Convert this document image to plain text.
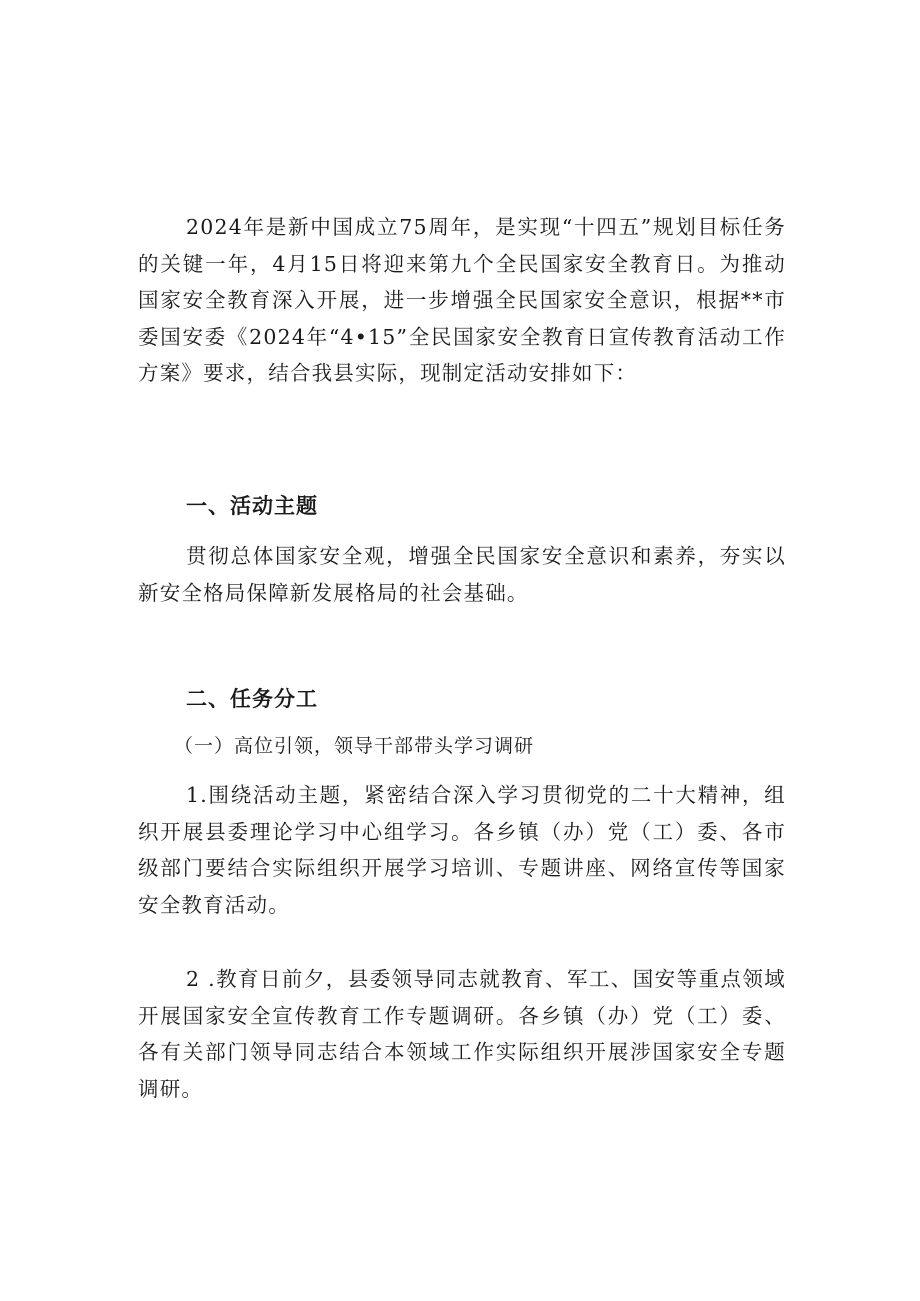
2024年是新中国成立75周年，是实现“十四五”规划目标任务的关键一年，4月15日将迎来第九个全民国家安全教育日。为推动国家安全教育深入开展，进一步增强全民国家安全意识，根据**市委国安委《2024年“4•15”全民国家安全教育日宣传教育活动工作方案》要求，结合我县实际，现制定活动安排如下：

一、活动主题

贯彻总体国家安全观，增强全民国家安全意识和素养，夯实以新安全格局保障新发展格局的社会基础。

二、任务分工

（一）高位引领，领导干部带头学习调研

1.围绕活动主题，紧密结合深入学习贯彻党的二十大精神，组织开展县委理论学习中心组学习。各乡镇（办）党（工）委、各市级部门要结合实际组织开展学习培训、专题讲座、网络宣传等国家安全教育活动。

2 .教育日前夕，县委领导同志就教育、军工、国安等重点领域开展国家安全宣传教育工作专题调研。各乡镇（办）党（工）委、各有关部门领导同志结合本领域工作实际组织开展涉国家安全专题调研。
